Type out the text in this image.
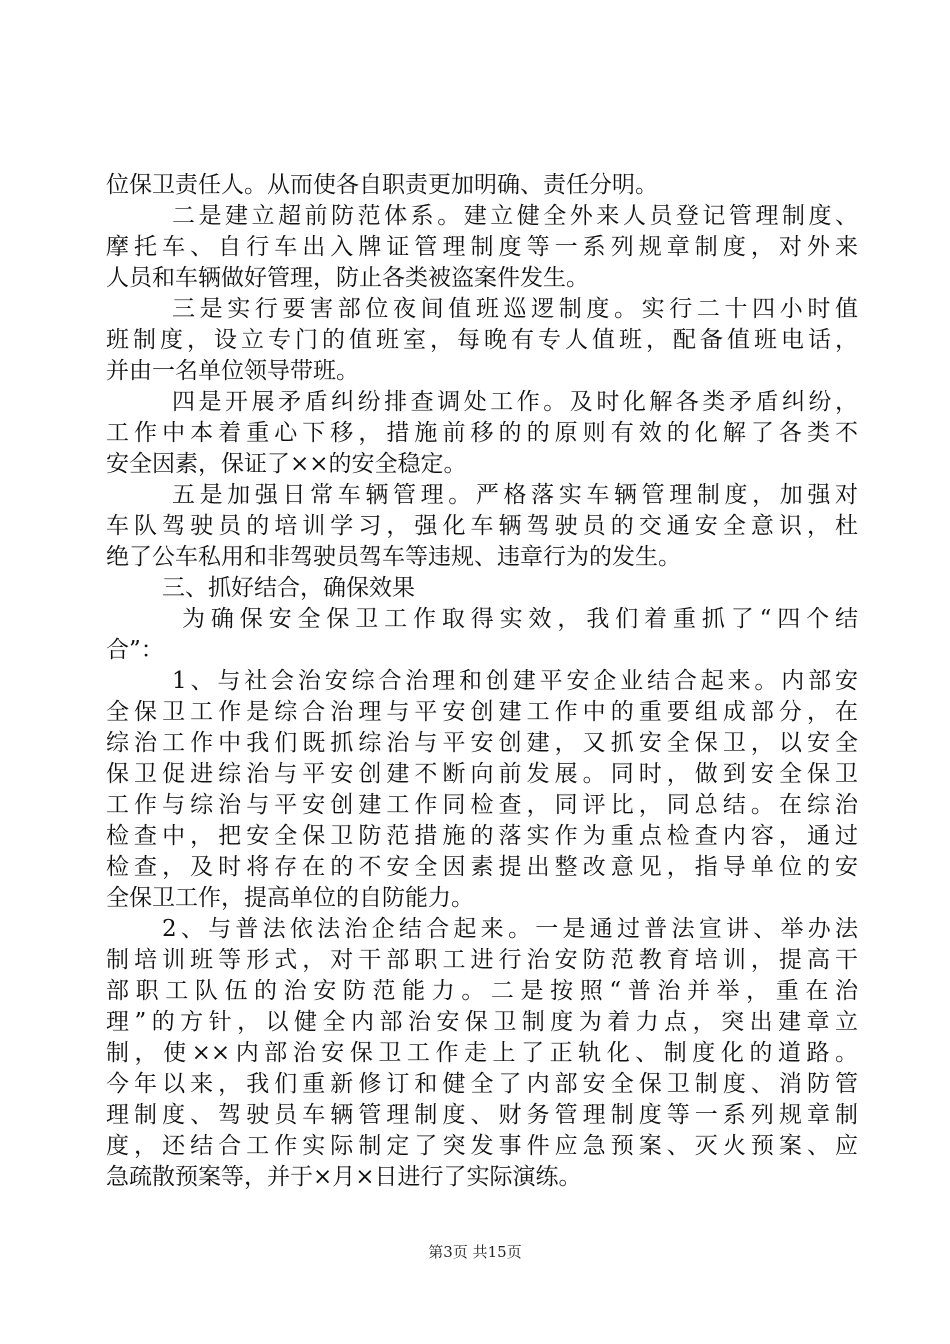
位保卫责任人。从而使各自职责更加明确、责任分明。
二是建立超前防范体系。建立健全外来人员登记管理制度、
摩托车、自行车出入牌证管理制度等一系列规章制度，对外来
人员和车辆做好管理，防止各类被盗案件发生。
三是实行要害部位夜间值班巡逻制度。实行二十四小时值
班制度，设立专门的值班室，每晚有专人值班，配备值班电话，
并由一名单位领导带班。
四是开展矛盾纠纷排查调处工作。及时化解各类矛盾纠纷，
工作中本着重心下移，措施前移的的原则有效的化解了各类不
安全因素，保证了××的安全稳定。
五是加强日常车辆管理。严格落实车辆管理制度，加强对
车队驾驶员的培训学习，强化车辆驾驶员的交通安全意识，杜
绝了公车私用和非驾驶员驾车等违规、违章行为的发生。
三、抓好结合，确保效果
为确保安全保卫工作取得实效，我们着重抓了“四个结
合”：
1、与社会治安综合治理和创建平安企业结合起来。内部安
全保卫工作是综合治理与平安创建工作中的重要组成部分，在
综治工作中我们既抓综治与平安创建，又抓安全保卫，以安全
保卫促进综治与平安创建不断向前发展。同时，做到安全保卫
工作与综治与平安创建工作同检查，同评比，同总结。在综治
检查中，把安全保卫防范措施的落实作为重点检查内容，通过
检查，及时将存在的不安全因素提出整改意见，指导单位的安
全保卫工作，提高单位的自防能力。
2、与普法依法治企结合起来。一是通过普法宣讲、举办法
制培训班等形式，对干部职工进行治安防范教育培训，提高干
部职工队伍的治安防范能力。二是按照“普治并举，重在治
理”的方针，以健全内部治安保卫制度为着力点，突出建章立
制，使××内部治安保卫工作走上了正轨化、制度化的道路。
今年以来，我们重新修订和健全了内部安全保卫制度、消防管
理制度、驾驶员车辆管理制度、财务管理制度等一系列规章制
度，还结合工作实际制定了突发事件应急预案、灭火预案、应
急疏散预案等，并于×月×日进行了实际演练。
第3页 共15页
